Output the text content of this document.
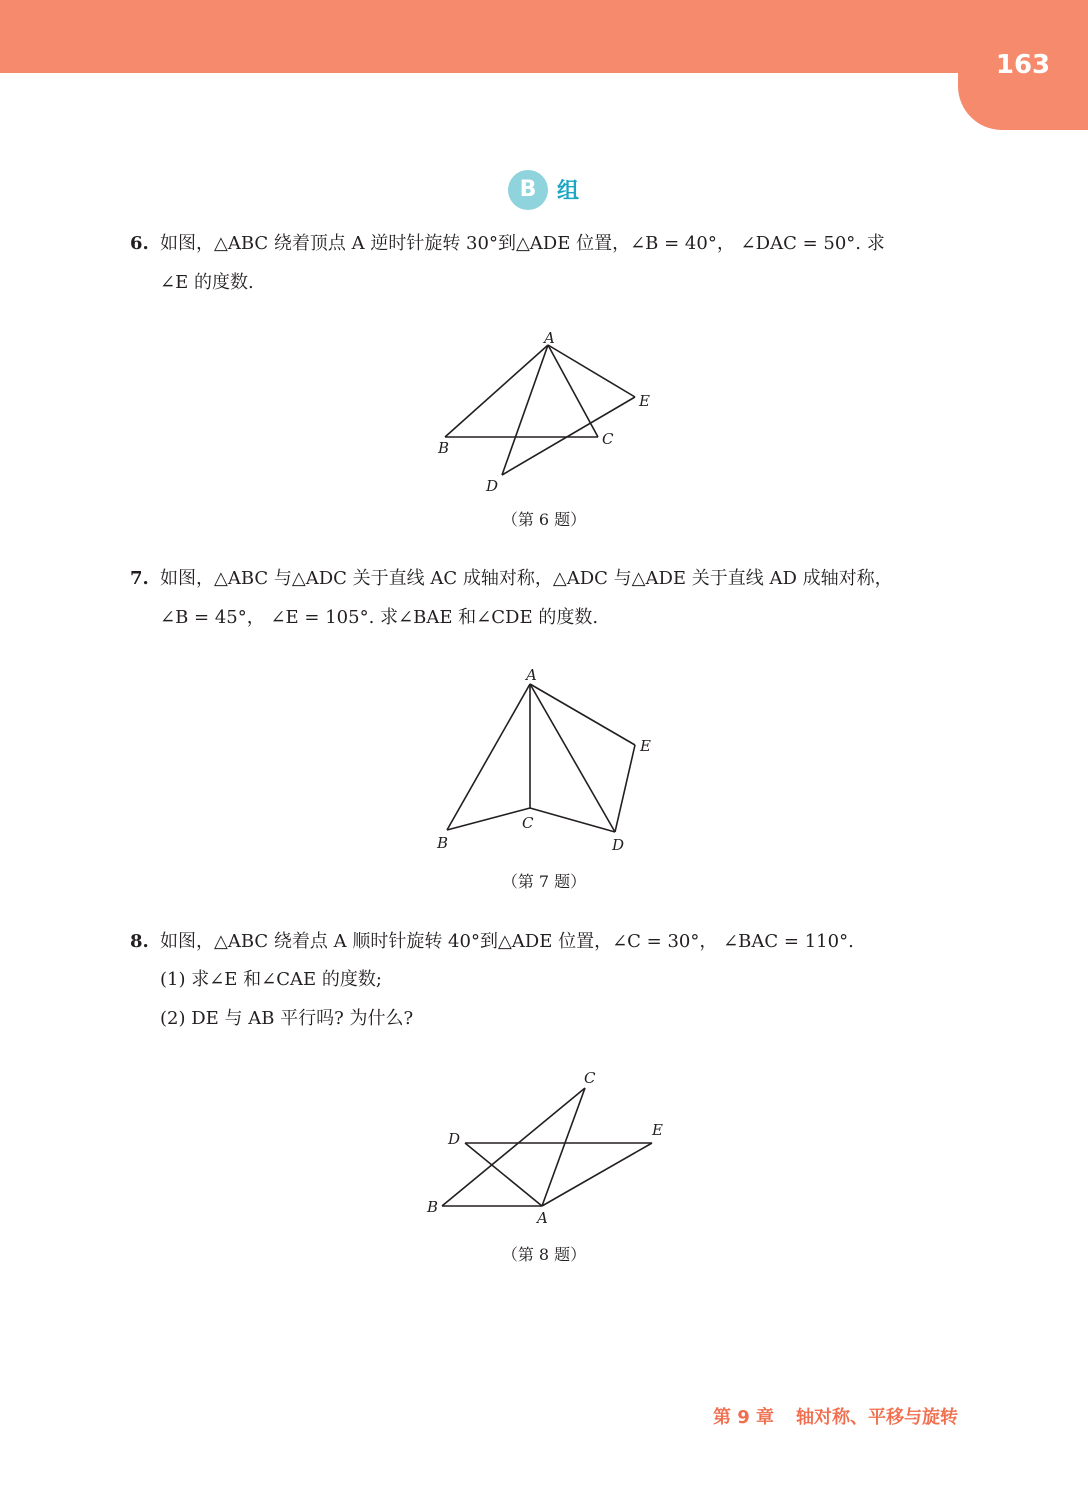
163
B 组
6. 如图，△ABC 绕着顶点 A 逆时针旋转 30°到△ADE 位置，∠B = 40°， ∠DAC = 50°. 求
∠E 的度数.
A
B	C
D
E
（第 6 题）
7. 如图，△ABC 与△ADC 关于直线 AC 成轴对称，△ADC 与△ADE 关于直线 AD 成轴对称，
∠B = 45°， ∠E = 105°. 求∠BAE 和∠CDE 的度数.
A
B
C
D
E
（第 7 题）
8. 如图，△ABC 绕着点 A 顺时针旋转 40°到△ADE 位置，∠C = 30°， ∠BAC = 110°.
(1) 求∠E 和∠CAE 的度数;
(2) DE 与 AB 平行吗? 为什么?
A
B
C
D	E
（第 8 题）
第 9 章 轴对称、平移与旋转
